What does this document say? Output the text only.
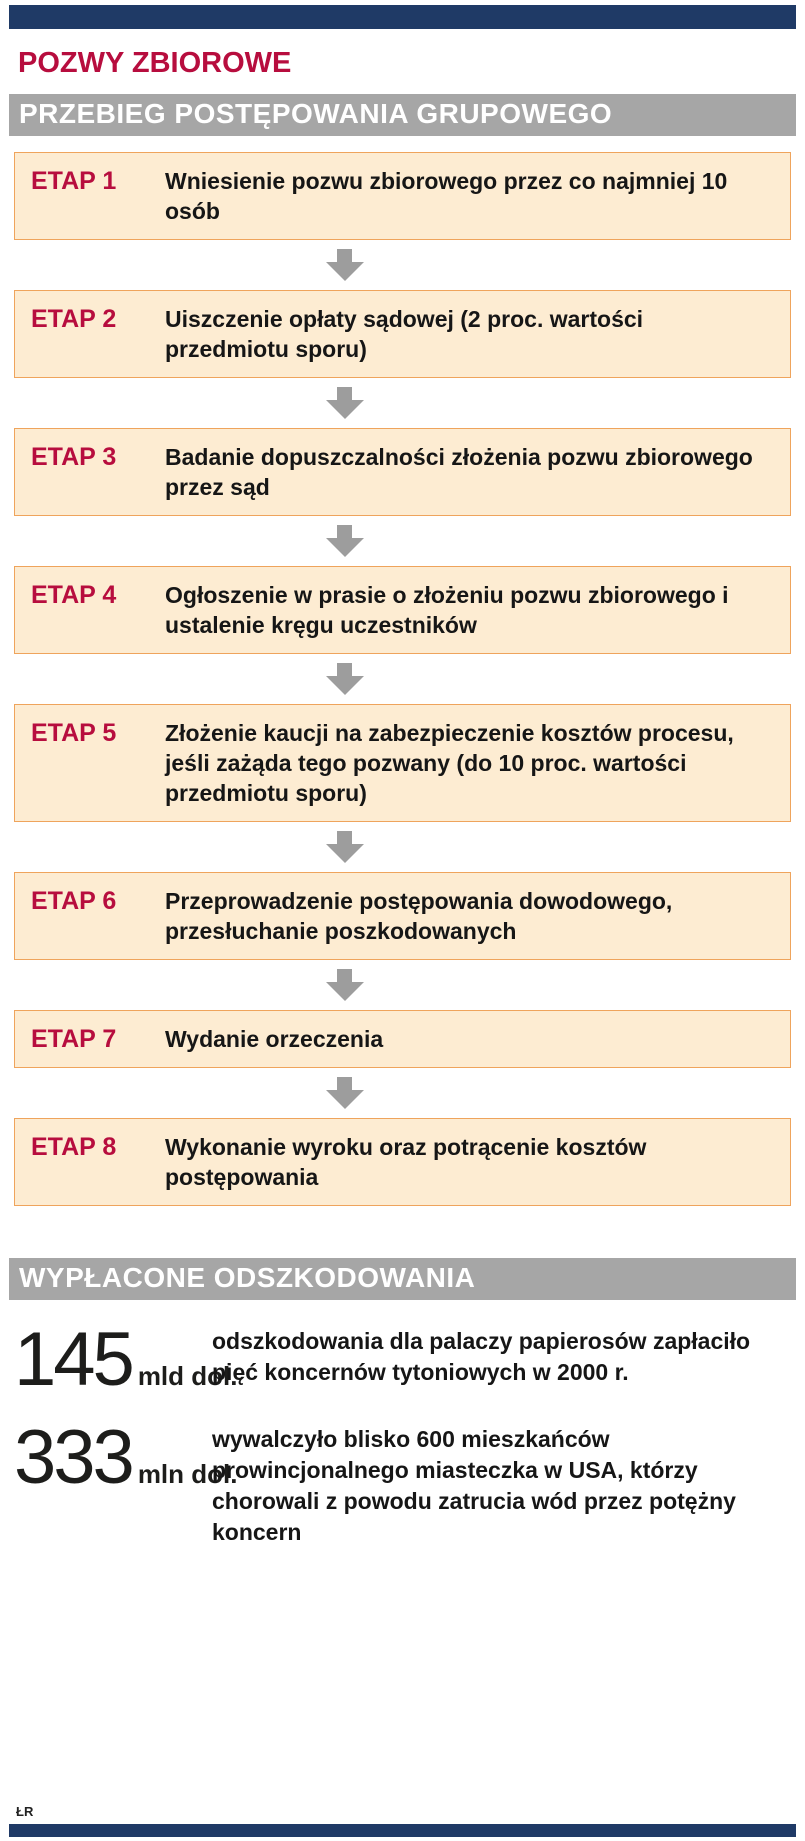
POZWY ZBIOROWE
PRZEBIEG POSTĘPOWANIA GRUPOWEGO
ETAP 1	Wniesienie pozwu zbiorowego przez co najmniej 10 osób
ETAP 2	Uiszczenie opłaty sądowej (2 proc. wartości przedmiotu sporu)
ETAP 3	Badanie dopuszczalności złożenia pozwu zbiorowego przez sąd
ETAP 4	Ogłoszenie w prasie o złożeniu pozwu zbiorowego i ustalenie kręgu uczestników
ETAP 5	Złożenie kaucji na zabezpieczenie kosztów procesu, jeśli zażąda tego pozwany (do 10 proc. wartości przedmiotu sporu)
ETAP 6	Przeprowadzenie postępowania dowodowego, przesłuchanie poszkodowanych
ETAP 7	Wydanie orzeczenia
ETAP 8	Wykonanie wyroku oraz potrącenie kosztów postępowania
WYPŁACONE ODSZKODOWANIA
145 mld dol.
odszkodowania dla palaczy papierosów zapłaciło pięć koncernów tytoniowych w 2000 r.
333 mln dol.
wywalczyło blisko 600 mieszkańców prowincjonalnego miasteczka w USA, którzy chorowali z powodu zatrucia wód przez potężny koncern
ŁR
